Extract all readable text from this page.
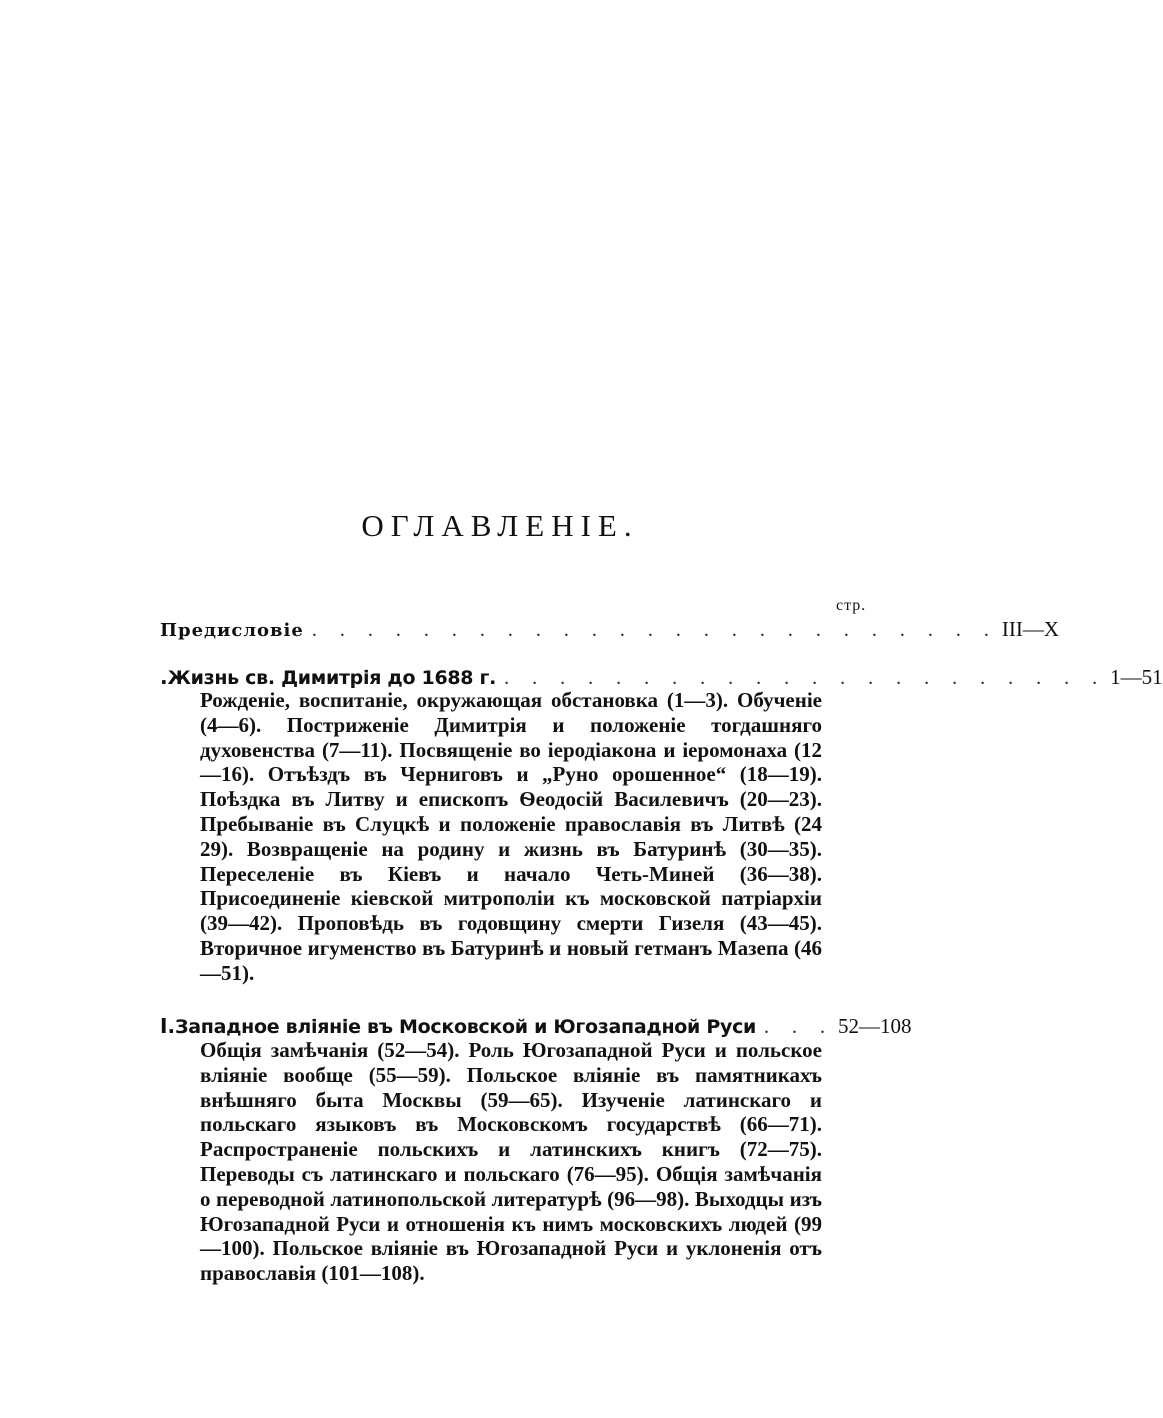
ОГЛАВЛЕНІЕ.
стр.
Предисловіе . . . . . . . . . . . . . . . . . . . . . . . . . III—X
. Жизнь св. Димитрія до 1688 г. . . . . . . . . . . . . . . . . . . . . . . 1—51

Рожденіе, воспитаніе, окружающая обстановка (1—3). Обученіе (4—6). Постриженіе Димитрія и положеніе тогдашняго духовенства (7—11). Посвященіе во іеродіакона и іеромонаха (12—16). Отъѣздъ въ Черниговъ и „Руно орошенное“ (18—19). Поѣздка въ Литву и епископъ Ѳеодосій Василевичъ (20—23). Пребываніе въ Слуцкѣ и положеніе православія въ Литвѣ (24 29). Возвращеніе на родину и жизнь въ Батуринѣ (30—35). Переселеніе въ Кіевъ и начало Четь-Миней (36—38). Присоединеніе кіевской митрополіи къ московской патріархіи (39—42). Проповѣдь въ годовщину смерти Гизеля (43—45). Вторичное игуменство въ Батуринѣ и новый гетманъ Мазепа (46—51).

I. Западное вліяніе въ Московской и Югозападной Руси . . . 52—108

Общія замѣчанія (52—54). Роль Югозападной Руси и польское вліяніе вообще (55—59). Польское вліяніе въ памятникахъ внѣшняго быта Москвы (59—65). Изученіе латинскаго и польскаго языковъ въ Московскомъ государствѣ (66—71). Распространеніе польскихъ и латинскихъ книгъ (72—75). Переводы съ латинскаго и польскаго (76—95). Общія замѣчанія о переводной латинопольской литературѣ (96—98). Выходцы изъ Югозападной Руси и отношенія къ нимъ московскихъ людей (99—100). Польское вліяніе въ Югозападной Руси и уклоненія отъ православія (101—108).
